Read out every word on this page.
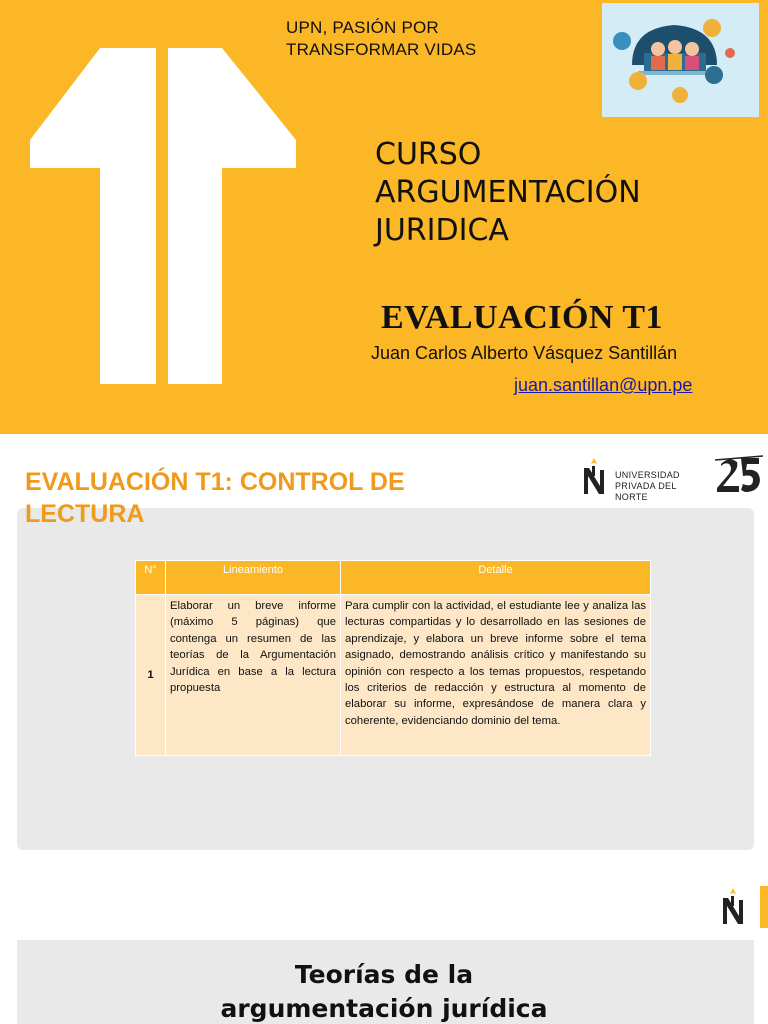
UPN, PASIÓN POR
TRANSFORMAR VIDAS
CURSO
ARGUMENTACIÓN
JURIDICA
EVALUACIÓN T1
Juan Carlos Alberto Vásquez Santillán
juan.santillan@upn.pe
EVALUACIÓN T1: CONTROL DE LECTURA
UNIVERSIDAD
PRIVADA DEL NORTE
N°	Lineamiento	Detalle
1	Elaborar un breve informe (máximo 5 páginas) que contenga un resumen de las teorías de la Argumentación Jurídica en base a la lectura propuesta	Para cumplir con la actividad, el estudiante lee y analiza las lecturas compartidas y lo desarrollado en las sesiones de aprendizaje, y elabora un breve informe sobre el tema asignado, demostrando análisis crítico y manifestando su opinión con respecto a los temas propuestos, respetando los criterios de redacción y estructura al momento de elaborar su informe, expresándose de manera clara y coherente, evidenciando dominio del tema.
Teorías de la
argumentación jurídica
